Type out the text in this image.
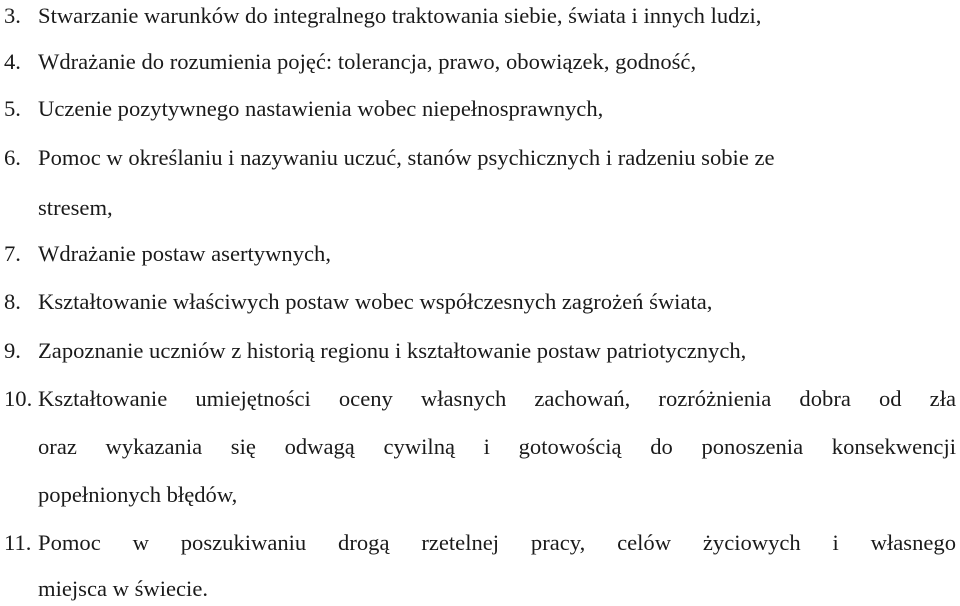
3. Stwarzanie warunków do integralnego traktowania siebie, świata i innych ludzi,
4. Wdrażanie do rozumienia pojęć: tolerancja, prawo, obowiązek, godność,
5. Uczenie pozytywnego nastawienia wobec niepełnosprawnych,
6. Pomoc w określaniu i nazywaniu uczuć, stanów psychicznych i radzeniu sobie ze
stresem,
7. Wdrażanie postaw asertywnych,
8. Kształtowanie właściwych postaw wobec współczesnych zagrożeń świata,
9. Zapoznanie uczniów z historią regionu i kształtowanie postaw patriotycznych,
10. Kształtowanie umiejętności oceny własnych zachowań, rozróżnienia dobra od zła
oraz wykazania się odwagą cywilną i gotowością do ponoszenia konsekwencji
popełnionych błędów,
11. Pomoc w poszukiwaniu drogą rzetelnej pracy, celów życiowych i własnego
miejsca w świecie.
